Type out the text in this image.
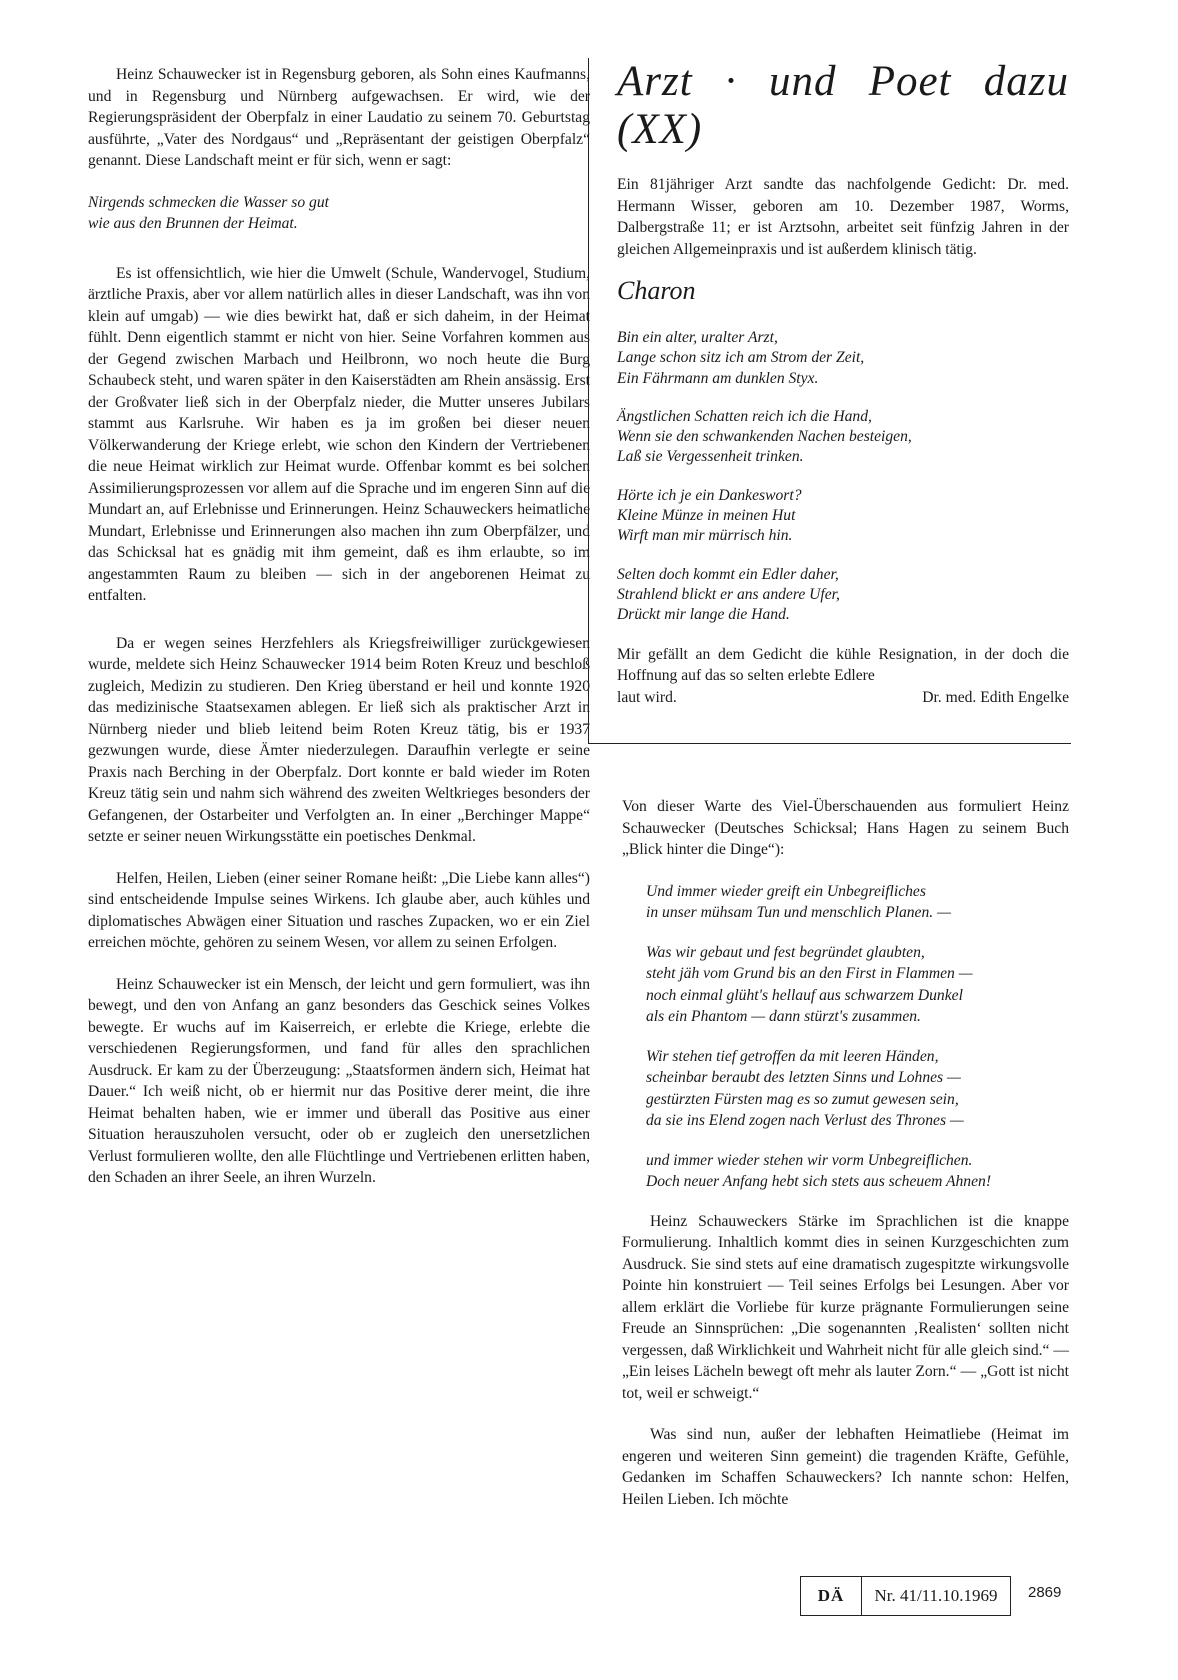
Heinz Schauwecker ist in Regensburg geboren, als Sohn eines Kaufmanns, und in Regensburg und Nürnberg aufgewachsen. Er wird, wie der Regierungspräsident der Oberpfalz in einer Laudatio zu seinem 70. Geburtstag ausführte, „Vater des Nordgaus“ und „Repräsentant der geistigen Oberpfalz“ genannt. Diese Landschaft meint er für sich, wenn er sagt:

Nirgends schmecken die Wasser so gut
wie aus den Brunnen der Heimat.

Es ist offensichtlich, wie hier die Umwelt (Schule, Wandervogel, Studium, ärztliche Praxis, aber vor allem natürlich alles in dieser Landschaft, was ihn von klein auf umgab) — wie dies bewirkt hat, daß er sich daheim, in der Heimat fühlt. Denn eigentlich stammt er nicht von hier. Seine Vorfahren kommen aus der Gegend zwischen Marbach und Heilbronn, wo noch heute die Burg Schaubeck steht, und waren später in den Kaiserstädten am Rhein ansässig. Erst der Großvater ließ sich in der Oberpfalz nieder, die Mutter unseres Jubilars stammt aus Karlsruhe. Wir haben es ja im großen bei dieser neuen Völkerwanderung der Kriege erlebt, wie schon den Kindern der Vertriebenen die neue Heimat wirklich zur Heimat wurde. Offenbar kommt es bei solchen Assimilierungsprozessen vor allem auf die Sprache und im engeren Sinn auf die Mundart an, auf Erlebnisse und Erinnerungen. Heinz Schauweckers heimatliche Mundart, Erlebnisse und Erinnerungen also machen ihn zum Oberpfälzer, und das Schicksal hat es gnädig mit ihm gemeint, daß es ihm erlaubte, so im angestammten Raum zu bleiben — sich in der angeborenen Heimat zu entfalten.

Da er wegen seines Herzfehlers als Kriegsfreiwilliger zurückgewiesen wurde, meldete sich Heinz Schauwecker 1914 beim Roten Kreuz und beschloß zugleich, Medizin zu studieren. Den Krieg überstand er heil und konnte 1920 das medizinische Staatsexamen ablegen. Er ließ sich als praktischer Arzt in Nürnberg nieder und blieb leitend beim Roten Kreuz tätig, bis er 1937 gezwungen wurde, diese Ämter niederzulegen. Daraufhin verlegte er seine Praxis nach Berching in der Oberpfalz. Dort konnte er bald wieder im Roten Kreuz tätig sein und nahm sich während des zweiten Weltkrieges besonders der Gefangenen, der Ostarbeiter und Verfolgten an. In einer „Berchinger Mappe“ setzte er seiner neuen Wirkungsstätte ein poetisches Denkmal.

Helfen, Heilen, Lieben (einer seiner Romane heißt: „Die Liebe kann alles“) sind entscheidende Impulse seines Wirkens. Ich glaube aber, auch kühles und diplomatisches Abwägen einer Situation und rasches Zupacken, wo er ein Ziel erreichen möchte, gehören zu seinem Wesen, vor allem zu seinen Erfolgen.

Heinz Schauwecker ist ein Mensch, der leicht und gern formuliert, was ihn bewegt, und den von Anfang an ganz besonders das Geschick seines Volkes bewegte. Er wuchs auf im Kaiserreich, er erlebte die Kriege, erlebte die verschiedenen Regierungsformen, und fand für alles den sprachlichen Ausdruck. Er kam zu der Überzeugung: „Staatsformen ändern sich, Heimat hat Dauer.“ Ich weiß nicht, ob er hiermit nur das Positive derer meint, die ihre Heimat behalten haben, wie er immer und überall das Positive aus einer Situation herauszuholen versucht, oder ob er zugleich den unersetzlichen Verlust formulieren wollte, den alle Flüchtlinge und Vertriebenen erlitten haben, den Schaden an ihrer Seele, an ihren Wurzeln.

Arzt · und Poet dazu (XX)
Ein 81jähriger Arzt sandte das nachfolgende Gedicht: Dr. med. Hermann Wisser, geboren am 10. Dezember 1987, Worms, Dalbergstraße 11; er ist Arztsohn, arbeitet seit fünfzig Jahren in der gleichen Allgemeinpraxis und ist außerdem klinisch tätig.
Charon
Bin ein alter, uralter Arzt,
Lange schon sitz ich am Strom der Zeit,
Ein Fährmann am dunklen Styx.
Ängstlichen Schatten reich ich die Hand,
Wenn sie den schwankenden Nachen besteigen,
Laß sie Vergessenheit trinken.
Hörte ich je ein Dankeswort?
Kleine Münze in meinen Hut
Wirft man mir mürrisch hin.
Selten doch kommt ein Edler daher,
Strahlend blickt er ans andere Ufer,
Drückt mir lange die Hand.
Mir gefällt an dem Gedicht die kühle Resignation, in der doch die Hoffnung auf das so selten erlebte Edlere
laut wird.	Dr. med. Edith Engelke

Von dieser Warte des Viel-Überschauenden aus formuliert Heinz Schauwecker (Deutsches Schicksal; Hans Hagen zu seinem Buch „Blick hinter die Dinge“):

Und immer wieder greift ein Unbegreifliches
in unser mühsam Tun und menschlich Planen. —
Was wir gebaut und fest begründet glaubten,
steht jäh vom Grund bis an den First in Flammen —
noch einmal glüht's hellauf aus schwarzem Dunkel
als ein Phantom — dann stürzt's zusammen.
Wir stehen tief getroffen da mit leeren Händen,
scheinbar beraubt des letzten Sinns und Lohnes —
gestürzten Fürsten mag es so zumut gewesen sein,
da sie ins Elend zogen nach Verlust des Thrones —
und immer wieder stehen wir vorm Unbegreiflichen.
Doch neuer Anfang hebt sich stets aus scheuem Ahnen!

Heinz Schauweckers Stärke im Sprachlichen ist die knappe Formulierung. Inhaltlich kommt dies in seinen Kurzgeschichten zum Ausdruck. Sie sind stets auf eine dramatisch zugespitzte wirkungsvolle Pointe hin konstruiert — Teil seines Erfolgs bei Lesungen. Aber vor allem erklärt die Vorliebe für kurze prägnante Formulierungen seine Freude an Sinnsprüchen: „Die sogenannten ‚Realisten‘ sollten nicht vergessen, daß Wirklichkeit und Wahrheit nicht für alle gleich sind.“ — „Ein leises Lächeln bewegt oft mehr als lauter Zorn.“ — „Gott ist nicht tot, weil er schweigt.“

Was sind nun, außer der lebhaften Heimatliebe (Heimat im engeren und weiteren Sinn gemeint) die tragenden Kräfte, Gefühle, Gedanken im Schaffen Schauweckers? Ich nannte schon: Helfen, Heilen Lieben. Ich möchte

DÄ	Nr. 41/11.10.1969	2869
